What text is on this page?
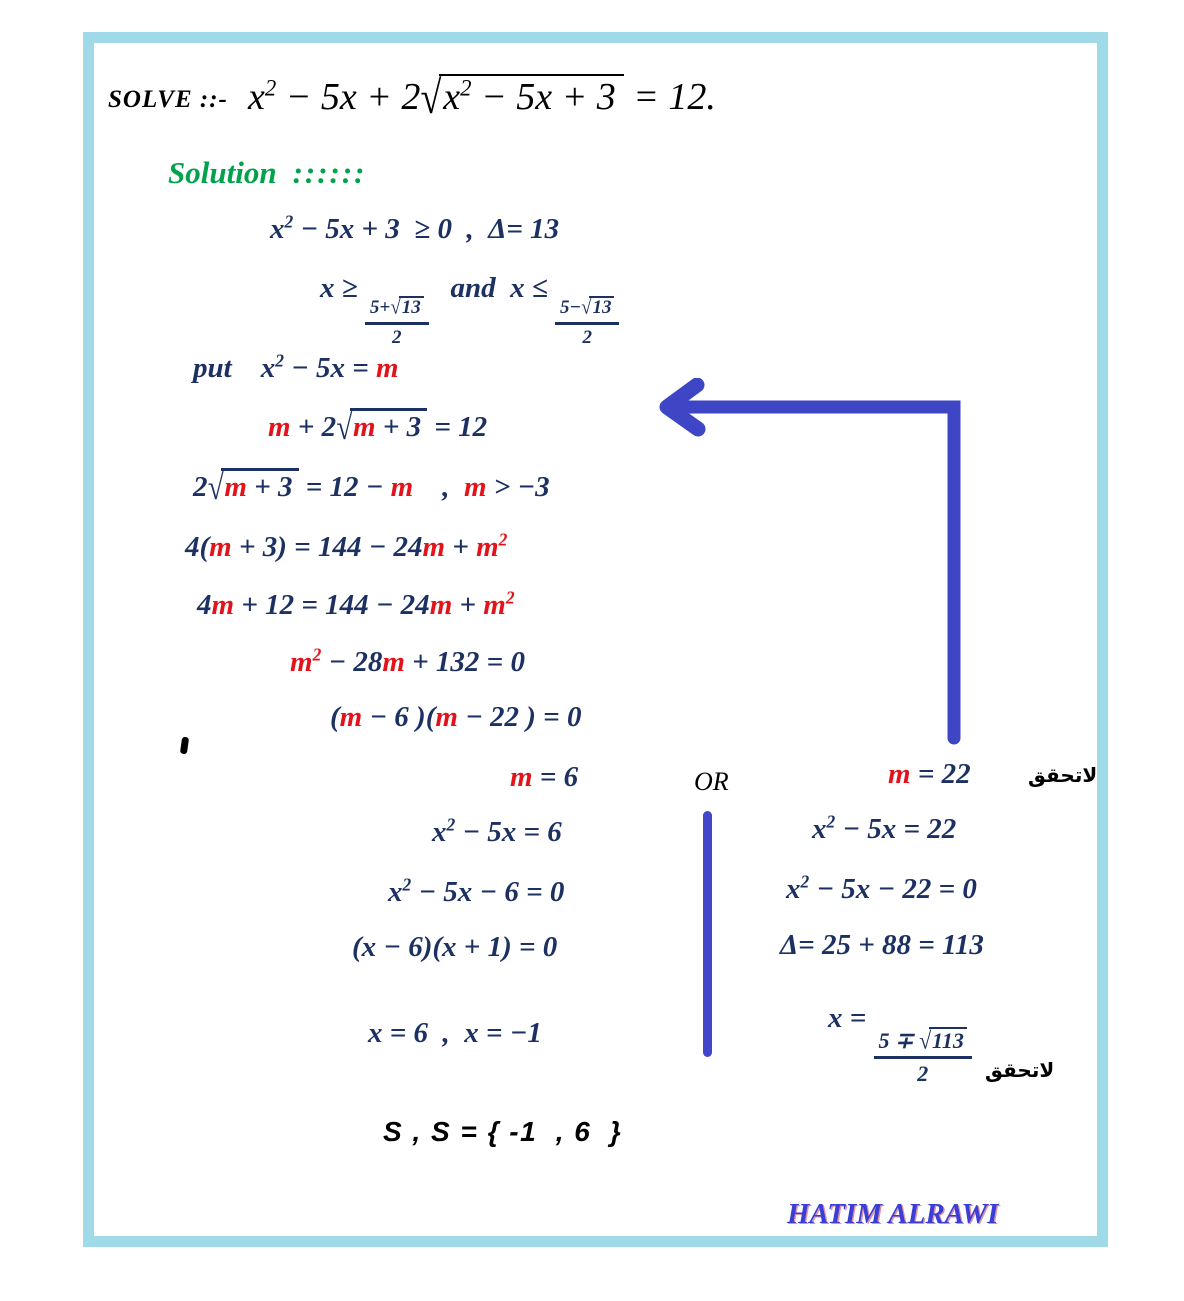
SOLVE ::- $x^2 - 5x + 2√x^2 - 5x + 3 = 12$.
Solution ::::::
$x^2 - 5x + 3 \ge 0$  ,  Δ= 13
x ≥
$\frac{5+√13}{2}$
and  x ≤
$\frac{5-√13}{2}$
put $x^2 - 5x = m$
m + 2√m + 3 = 12
2√m + 3 = 12 − m    ,  m > −3
$4(m + 3) = 144 - 24m + m^2$
$4m + 12 = 144 - 24m + m^2$
$m^2 - 28m + 132 = 0$
(m − 6 )(m − 22 ) = 0
m = 6	OR	m = 22	لاتحقق
$x^2 - 5x = 6$
$x^2 - 5x - 6 = 0$
(x − 6)(x + 1) = 0
x = 6  ,  x = −1
$x^2 - 5x = 22$
$x^2 - 5x - 22 = 0$
Δ= 25 + 88 = 113
x =
$\frac{5 \mp √113}{2}$ لاتحقق
S , S = { -1  , 6  }
HATIM ALRAWI
